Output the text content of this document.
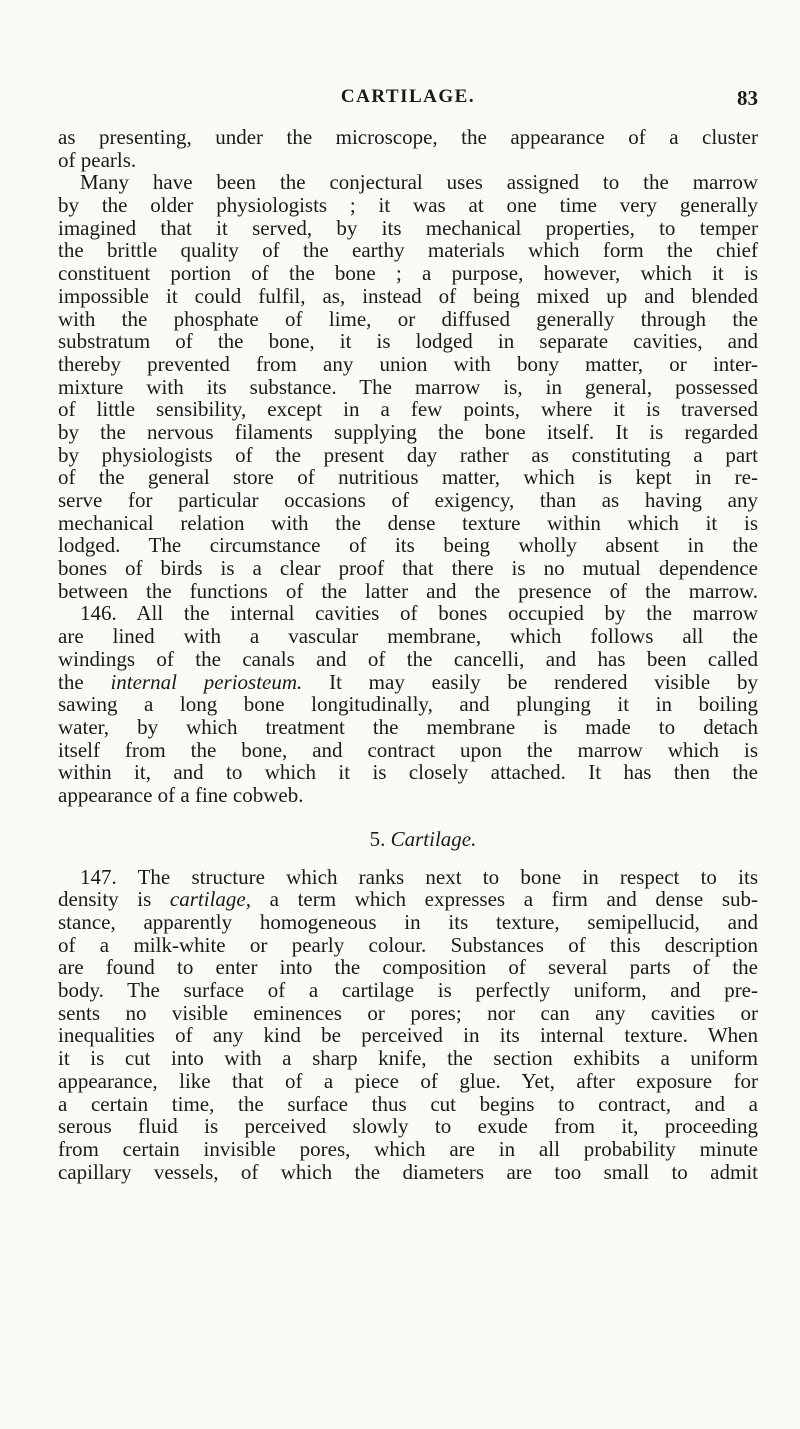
CARTILAGE.	83
as presenting, under the microscope, the appearance of a cluster
of pearls.
Many have been the conjectural uses assigned to the marrow
by the older physiologists ; it was at one time very generally
imagined that it served, by its mechanical properties, to temper
the brittle quality of the earthy materials which form the chief
constituent portion of the bone ; a purpose, however, which it is
impossible it could fulfil, as, instead of being mixed up and blended
with the phosphate of lime, or diffused generally through the
substratum of the bone, it is lodged in separate cavities, and
thereby prevented from any union with bony matter, or inter-
mixture with its substance. The marrow is, in general, possessed
of little sensibility, except in a few points, where it is traversed
by the nervous filaments supplying the bone itself. It is regarded
by physiologists of the present day rather as constituting a part
of the general store of nutritious matter, which is kept in re-
serve for particular occasions of exigency, than as having any
mechanical relation with the dense texture within which it is
lodged. The circumstance of its being wholly absent in the
bones of birds is a clear proof that there is no mutual dependence
between the functions of the latter and the presence of the marrow.
146. All the internal cavities of bones occupied by the marrow
are lined with a vascular membrane, which follows all the
windings of the canals and of the cancelli, and has been called
the internal periosteum. It may easily be rendered visible by
sawing a long bone longitudinally, and plunging it in boiling
water, by which treatment the membrane is made to detach
itself from the bone, and contract upon the marrow which is
within it, and to which it is closely attached. It has then the
appearance of a fine cobweb.
5. Cartilage.
147. The structure which ranks next to bone in respect to its
density is cartilage, a term which expresses a firm and dense sub-
stance, apparently homogeneous in its texture, semipellucid, and
of a milk-white or pearly colour. Substances of this description
are found to enter into the composition of several parts of the
body. The surface of a cartilage is perfectly uniform, and pre-
sents no visible eminences or pores; nor can any cavities or
inequalities of any kind be perceived in its internal texture. When
it is cut into with a sharp knife, the section exhibits a uniform
appearance, like that of a piece of glue. Yet, after exposure for
a certain time, the surface thus cut begins to contract, and a
serous fluid is perceived slowly to exude from it, proceeding
from certain invisible pores, which are in all probability minute
capillary vessels, of which the diameters are too small to admit
